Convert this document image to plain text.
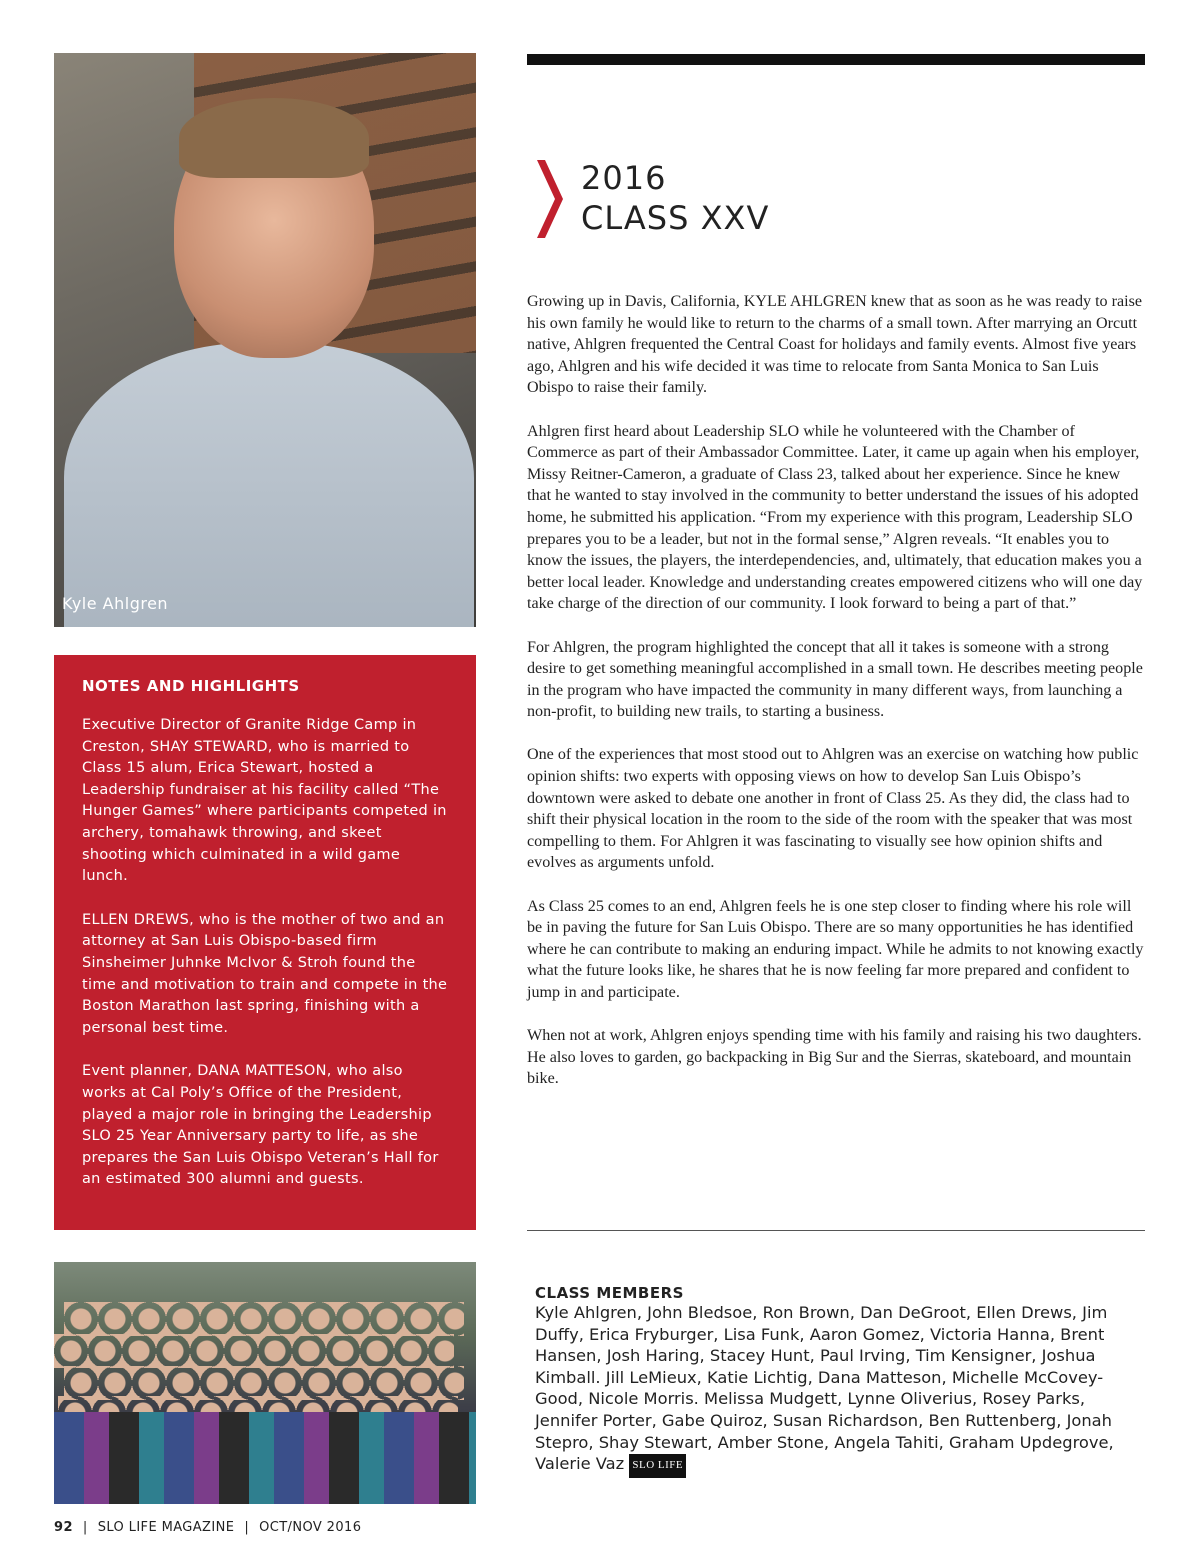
Kyle Ahlgren
NOTES AND HIGHLIGHTS

Executive Director of Granite Ridge Camp in Creston, SHAY STEWARD, who is married to Class 15 alum, Erica Stewart, hosted a Leadership fundraiser at his facility called “The Hunger Games” where participants competed in archery, tomahawk throwing, and skeet shooting which culminated in a wild game lunch.

ELLEN DREWS, who is the mother of two and an attorney at San Luis Obispo-based firm Sinsheimer Juhnke McIvor & Stroh found the time and motivation to train and compete in the Boston Marathon last spring, finishing with a personal best time.

Event planner, DANA MATTESON, who also works at Cal Poly’s Office of the President, played a major role in bringing the Leadership SLO 25 Year Anniversary party to life, as she prepares the San Luis Obispo Veteran’s Hall for an estimated 300 alumni and guests.

2016
CLASS XXV

Growing up in Davis, California, KYLE AHLGREN knew that as soon as he was ready to raise his own family he would like to return to the charms of a small town. After marrying an Orcutt native, Ahlgren frequented the Central Coast for holidays and family events. Almost five years ago, Ahlgren and his wife decided it was time to relocate from Santa Monica to San Luis Obispo to raise their family.

Ahlgren first heard about Leadership SLO while he volunteered with the Chamber of Commerce as part of their Ambassador Committee. Later, it came up again when his employer, Missy Reitner-Cameron, a graduate of Class 23, talked about her experience. Since he knew that he wanted to stay involved in the community to better understand the issues of his adopted home, he submitted his application. “From my experience with this program, Leadership SLO prepares you to be a leader, but not in the formal sense,” Algren reveals. “It enables you to know the issues, the players, the interdependencies, and, ultimately, that education makes you a better local leader. Knowledge and understanding creates empowered citizens who will one day take charge of the direction of our community. I look forward to being a part of that.”

For Ahlgren, the program highlighted the concept that all it takes is someone with a strong desire to get something meaningful accomplished in a small town. He describes meeting people in the program who have impacted the community in many different ways, from launching a non-profit, to building new trails, to starting a business.

One of the experiences that most stood out to Ahlgren was an exercise on watching how public opinion shifts: two experts with opposing views on how to develop San Luis Obispo’s downtown were asked to debate one another in front of Class 25. As they did, the class had to shift their physical location in the room to the side of the room with the speaker that was most compelling to them. For Ahlgren it was fascinating to visually see how opinion shifts and evolves as arguments unfold.

As Class 25 comes to an end, Ahlgren feels he is one step closer to finding where his role will be in paving the future for San Luis Obispo. There are so many opportunities he has identified where he can contribute to making an enduring impact. While he admits to not knowing exactly what the future looks like, he shares that he is now feeling far more prepared and confident to jump in and participate.

When not at work, Ahlgren enjoys spending time with his family and raising his two daughters. He also loves to garden, go backpacking in Big Sur and the Sierras, skateboard, and mountain bike.

CLASS MEMBERS

Kyle Ahlgren, John Bledsoe, Ron Brown, Dan DeGroot, Ellen Drews, Jim Duffy, Erica Fryburger, Lisa Funk, Aaron Gomez, Victoria Hanna, Brent Hansen, Josh Haring, Stacey Hunt, Paul Irving, Tim Kensigner, Joshua Kimball. Jill LeMieux, Katie Lichtig, Dana Matteson, Michelle McCovey-Good, Nicole Morris. Melissa Mudgett, Lynne Oliverius, Rosey Parks, Jennifer Porter, Gabe Quiroz, Susan Richardson, Ben Ruttenberg, Jonah Stepro, Shay Stewart, Amber Stone, Angela Tahiti, Graham Updegrove, Valerie Vaz SLO LIFE

92 | SLO LIFE MAGAZINE | OCT/NOV 2016
